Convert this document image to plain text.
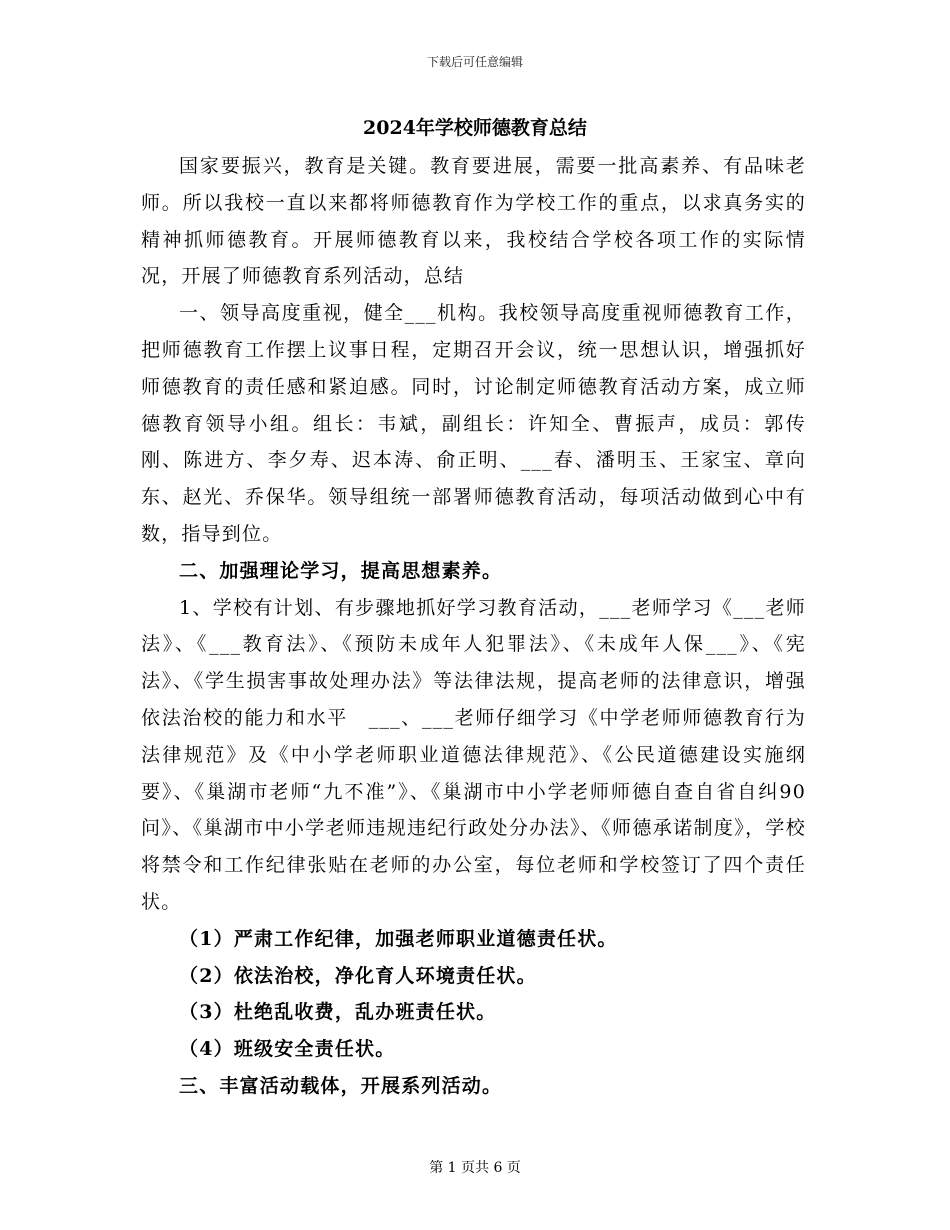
下载后可任意编辑
2024年学校师德教育总结

国家要振兴，教育是关键。教育要进展，需要一批高素养、有品味老师。所以我校一直以来都将师德教育作为学校工作的重点，以求真务实的精神抓师德教育。开展师德教育以来，我校结合学校各项工作的实际情况，开展了师德教育系列活动，总结

一、领导高度重视，健全___机构。我校领导高度重视师德教育工作，把师德教育工作摆上议事日程，定期召开会议，统一思想认识，增强抓好师德教育的责任感和紧迫感。同时，讨论制定师德教育活动方案，成立师德教育领导小组。组长：韦斌，副组长：许知全、曹振声，成员：郭传刚、陈进方、李夕寿、迟本涛、俞正明、___春、潘明玉、王家宝、章向东、赵光、乔保华。领导组统一部署师德教育活动，每项活动做到心中有数，指导到位。

二、加强理论学习，提高思想素养。

1、学校有计划、有步骤地抓好学习教育活动，___老师学习《___老师法》、《___教育法》、《预防未成年人犯罪法》、《未成年人保___》、《宪法》、《学生损害事故处理办法》等法律法规，提高老师的法律意识，增强依法治校的能力和水平　___、___老师仔细学习《中学老师师德教育行为法律规范》及《中小学老师职业道德法律规范》、《公民道德建设实施纲要》、《巢湖市老师“九不准”》、《巢湖市中小学老师师德自查自省自纠90问》、《巢湖市中小学老师违规违纪行政处分办法》、《师德承诺制度》，学校将禁令和工作纪律张贴在老师的办公室，每位老师和学校签订了四个责任状。

（1）严肃工作纪律，加强老师职业道德责任状。

（2）依法治校，净化育人环境责任状。

（3）杜绝乱收费，乱办班责任状。

（4）班级安全责任状。

三、丰富活动载体，开展系列活动。

第 1 页共 6 页
